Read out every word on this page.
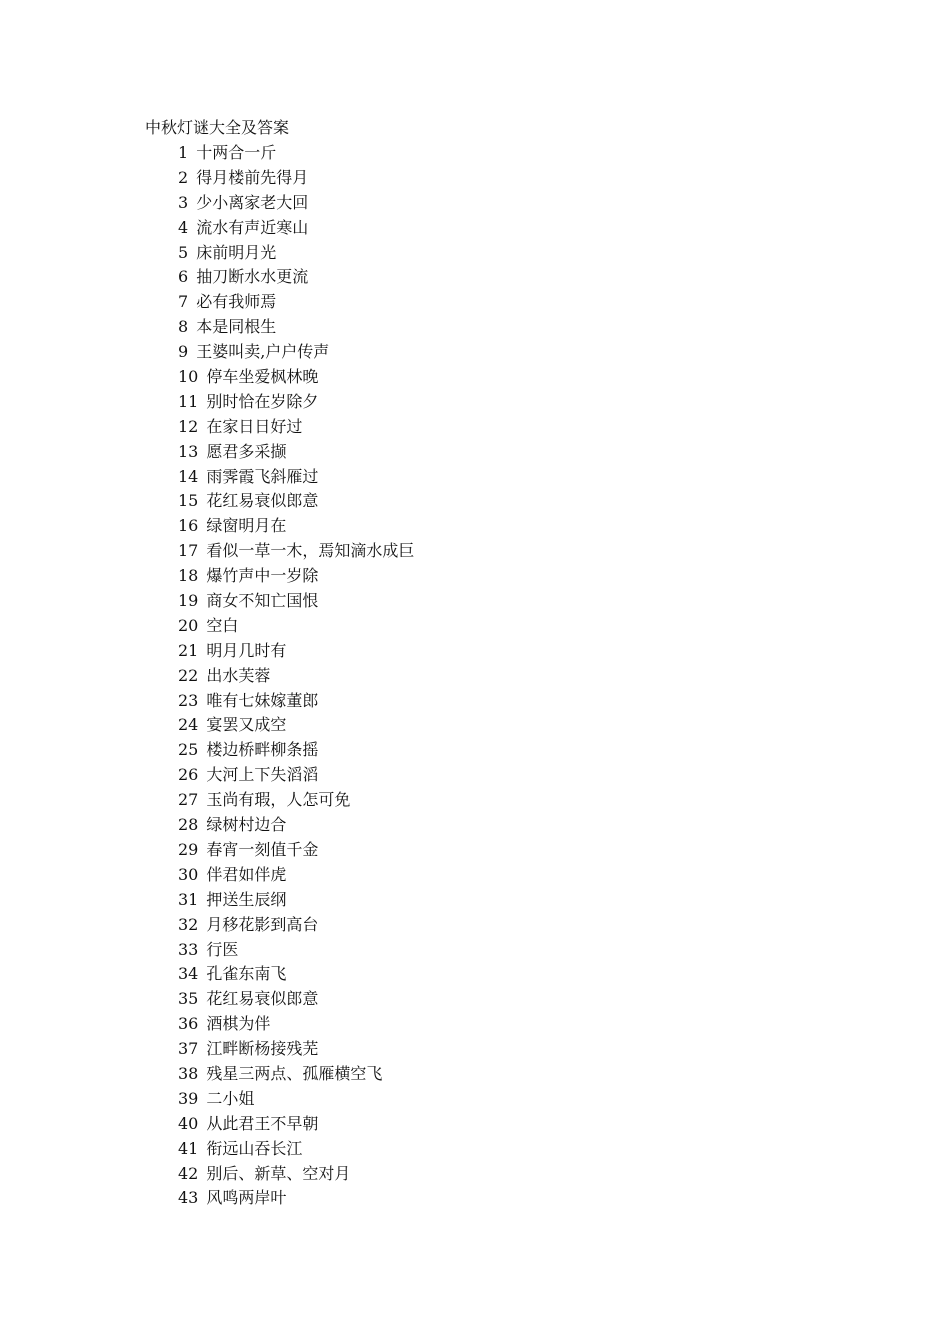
中秋灯谜大全及答案
1 十两合一斤
2 得月楼前先得月
3 少小离家老大回
4 流水有声近寒山
5 床前明月光
6 抽刀断水水更流
7 必有我师焉
8 本是同根生
9 王婆叫卖,户户传声
10 停车坐爱枫林晚
11 别时恰在岁除夕
12 在家日日好过
13 愿君多采撷
14 雨霁霞飞斜雁过
15 花红易衰似郎意
16 绿窗明月在
17 看似一草一木，焉知滴水成巨
18 爆竹声中一岁除
19 商女不知亡国恨
20 空白
21 明月几时有
22 出水芙蓉
23 唯有七妹嫁董郎
24 宴罢又成空
25 楼边桥畔柳条摇
26 大河上下失滔滔
27 玉尚有瑕，人怎可免
28 绿树村边合
29 春宵一刻值千金
30 伴君如伴虎
31 押送生辰纲
32 月移花影到高台
33 行医
34 孔雀东南飞
35 花红易衰似郎意
36 酒棋为伴
37 江畔断杨接残芜
38 残星三两点、孤雁横空飞
39 二小姐
40 从此君王不早朝
41 衔远山吞长江
42 别后、新草、空对月
43 风鸣两岸叶
